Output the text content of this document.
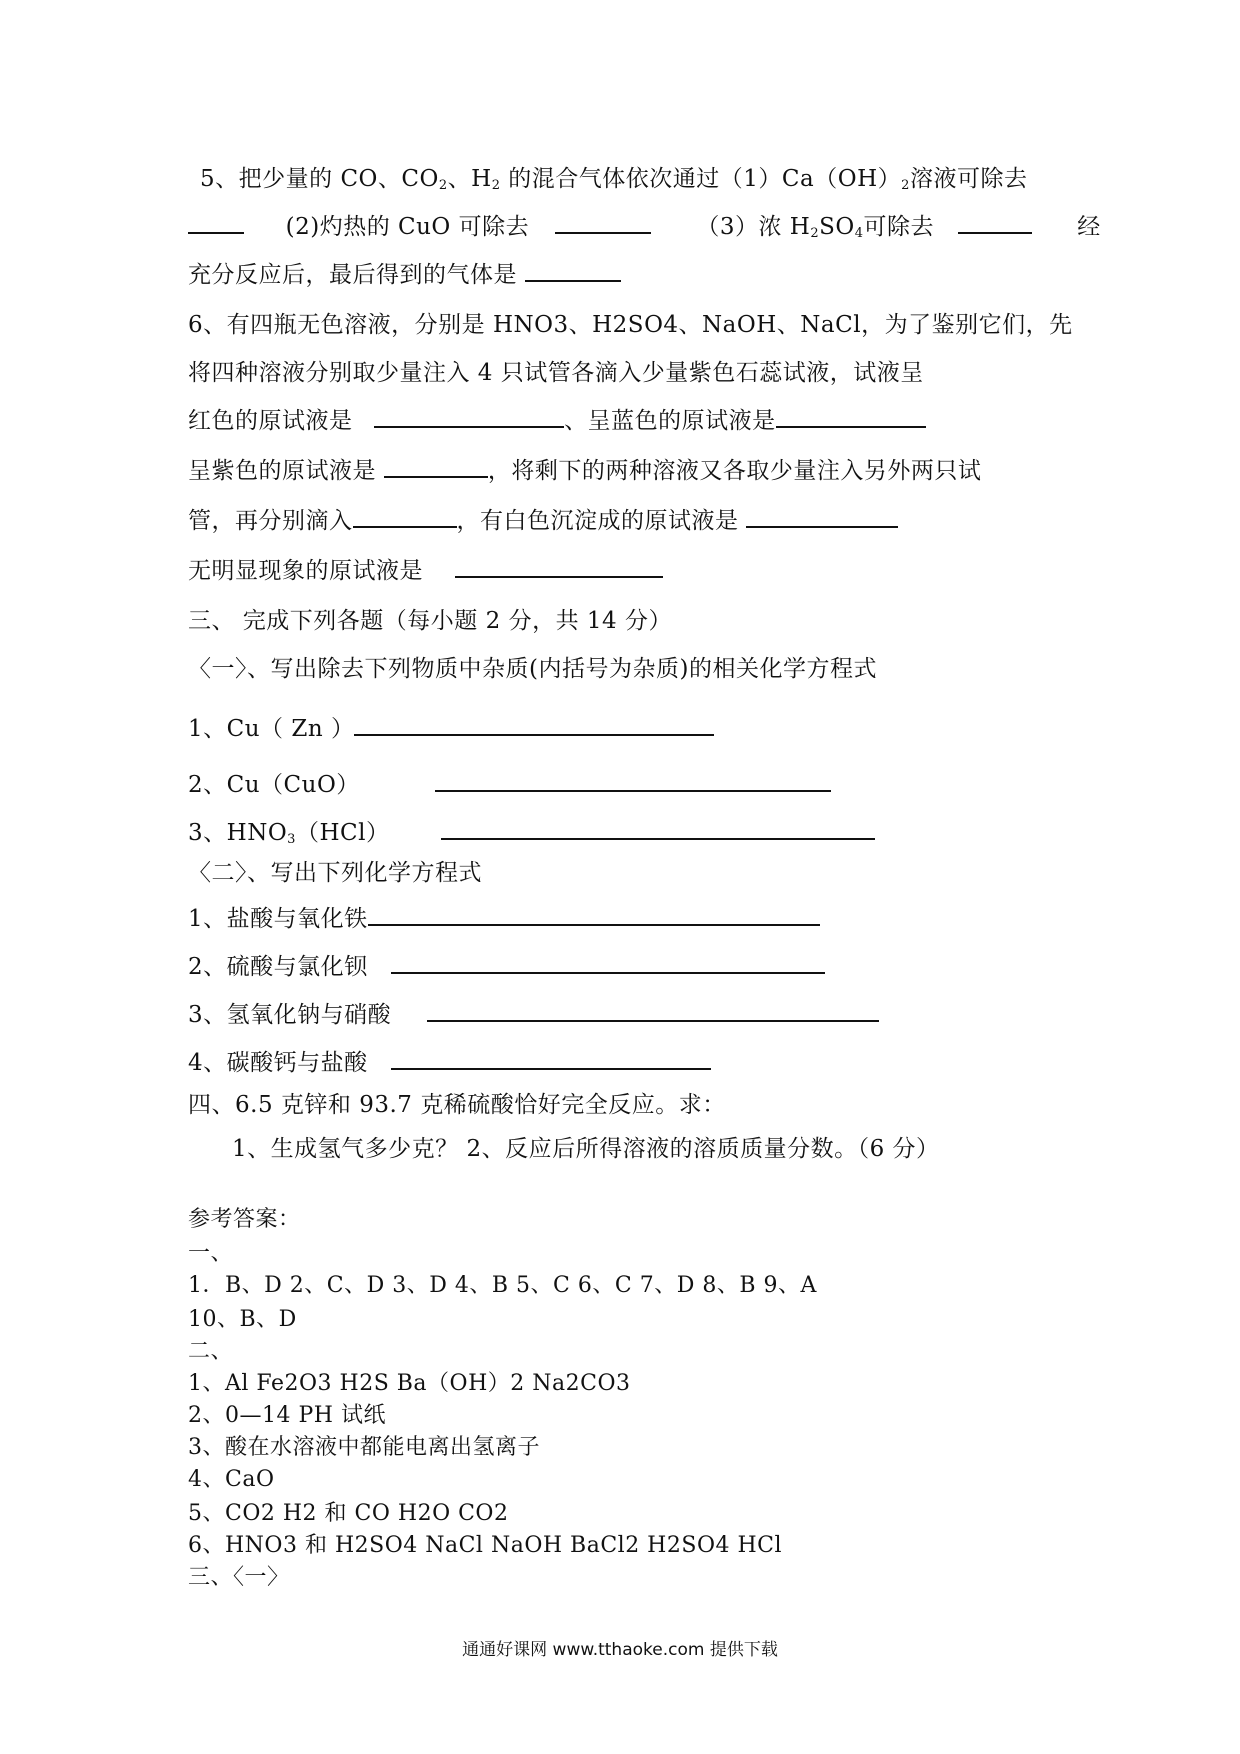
5、把少量的 CO、$CO_2$、$H_2$ 的混合气体依次通过$(1)Ca(OH)_2$溶液可除去
(2)灼热的 CuO 可除去	（3）浓 $H_2SO_4$可除去	经
充分反应后，最后得到的气体是
6、有四瓶无色溶液，分别是 HNO3、H2SO4、NaOH、NaCl，为了鉴别它们，先
将四种溶液分别取少量注入 4 只试管各滴入少量紫色石蕊试液，试液呈
红色的原试液是	、呈蓝色的原试液是
呈紫色的原试液是	，将剩下的两种溶液又各取少量注入另外两只试
管，再分别滴入	，有白色沉淀成的原试液是
无明显现象的原试液是
三、 完成下列各题（每小题 2 分，共 14 分）
〈一〉、写出除去下列物质中杂质(内括号为杂质)的相关化学方程式
1、Cu（ Zn ）
2、Cu（CuO）
3、$HNO_3(HCl)$
〈二〉、写出下列化学方程式
1、盐酸与氧化铁
2、硫酸与氯化钡
3、氢氧化钠与硝酸
4、碳酸钙与盐酸
四、6.5 克锌和 93.7 克稀硫酸恰好完全反应。求：
1、生成氢气多少克？ 2、反应后所得溶液的溶质质量分数。（6 分）
参考答案：
一、
1．B、D 2、C、D 3、D 4、B 5、C 6、C 7、D 8、B 9、A
10、B、D
二、
1、Al Fe2O3 H2S Ba（OH）2 Na2CO3
2、0—14 PH 试纸
3、酸在水溶液中都能电离出氢离子
4、CaO
5、CO2 H2 和 CO H2O CO2
6、HNO3 和 H2SO4 NaCl NaOH BaCl2 H2SO4 HCl
三、〈一〉
通通好课网 www.tthaoke.com 提供下载
